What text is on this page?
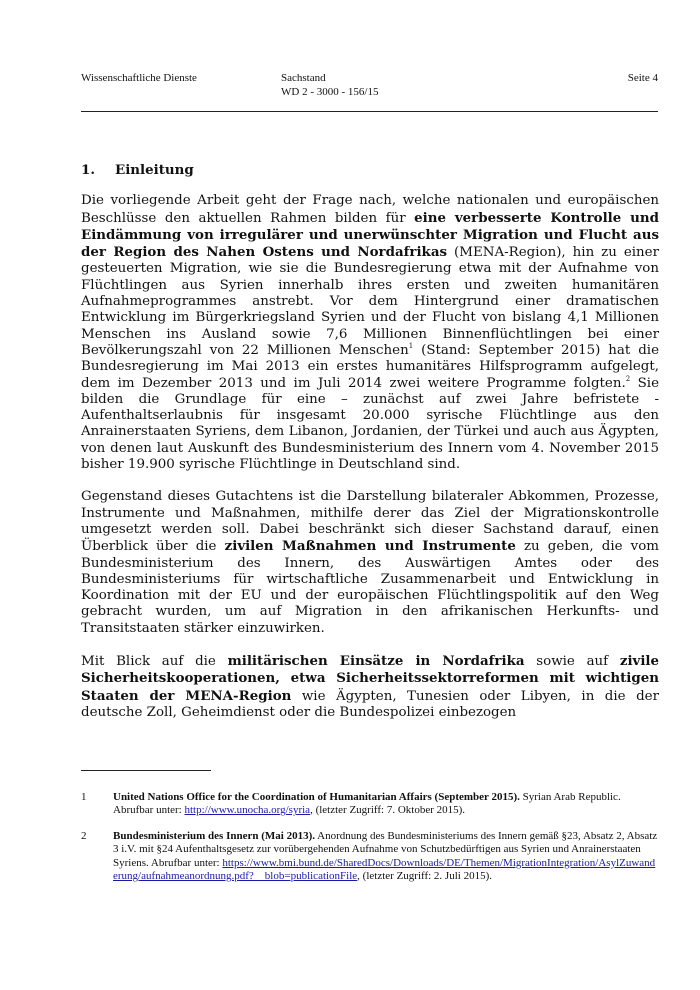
Wissenschaftliche Dienste	Sachstand
WD 2 - 3000 - 156/15
Seite 4
1. Einleitung

Die vorliegende Arbeit geht der Frage nach, welche nationalen und europäischen Beschlüsse den aktuellen Rahmen bilden für eine verbesserte Kontrolle und Eindämmung von irregulärer und unerwünschter Migration und Flucht aus der Region des Nahen Ostens und Nordafrikas (MENA-Region), hin zu einer gesteuerten Migration, wie sie die Bundesregierung etwa mit der Aufnahme von Flüchtlingen aus Syrien innerhalb ihres ersten und zweiten humanitären Aufnahmeprogrammes anstrebt. Vor dem Hintergrund einer dramatischen Entwicklung im Bürgerkriegsland Syrien und der Flucht von bislang 4,1 Millionen Menschen ins Ausland sowie 7,6 Millionen Binnenflüchtlingen bei einer Bevölkerungszahl von 22 Millionen Menschen$^1$ (Stand: September 2015) hat die Bundesregierung im Mai 2013 ein erstes humanitäres Hilfsprogramm aufgelegt, dem im Dezember 2013 und im Juli 2014 zwei weitere Programme folgten.$^2$ Sie bilden die Grundlage für eine – zunächst auf zwei Jahre befristete - Aufenthaltserlaubnis für insgesamt 20.000 syrische Flüchtlinge aus den Anrainerstaaten Syriens, dem Libanon, Jordanien, der Türkei und auch aus Ägypten, von denen laut Auskunft des Bundesministerium des Innern vom 4. November 2015 bisher 19.900 syrische Flüchtlinge in Deutschland sind.

Gegenstand dieses Gutachtens ist die Darstellung bilateraler Abkommen, Prozesse, Instrumente und Maßnahmen, mithilfe derer das Ziel der Migrationskontrolle umgesetzt werden soll. Dabei beschränkt sich dieser Sachstand darauf, einen Überblick über die zivilen Maßnahmen und Instrumente zu geben, die vom Bundesministerium des Innern, des Auswärtigen Amtes oder des Bundesministeriums für wirtschaftliche Zusammenarbeit und Entwicklung in Koordination mit der EU und der europäischen Flüchtlingspolitik auf den Weg gebracht wurden, um auf Migration in den afrikanischen Herkunfts- und Transitstaaten stärker einzuwirken.

Mit Blick auf die militärischen Einsätze in Nordafrika sowie auf zivile Sicherheitskooperationen, etwa Sicherheitssektorreformen mit wichtigen Staaten der MENA-Region wie Ägypten, Tunesien oder Libyen, in die der deutsche Zoll, Geheimdienst oder die Bundespolizei einbezogen

1 United Nations Office for the Coordination of Humanitarian Affairs (September 2015). Syrian Arab Republic. Abrufbar unter: http://www.unocha.org/syria, (letzter Zugriff: 7. Oktober 2015).
2 Bundesministerium des Innern (Mai 2013). Anordnung des Bundesministeriums des Innern gemäß §23, Absatz 2, Absatz 3 i.V. mit §24 Aufenthaltsgesetz zur vorübergehenden Aufnahme von Schutzbedürftigen aus Syrien und Anrainerstaaten Syriens. Abrufbar unter: https://www.bmi.bund.de/SharedDocs/Downloads/DE/Themen/MigrationIntegration/AsylZuwanderung/aufnahmeanordnung.pdf?__blob=publicationFile, (letzter Zugriff: 2. Juli 2015).
